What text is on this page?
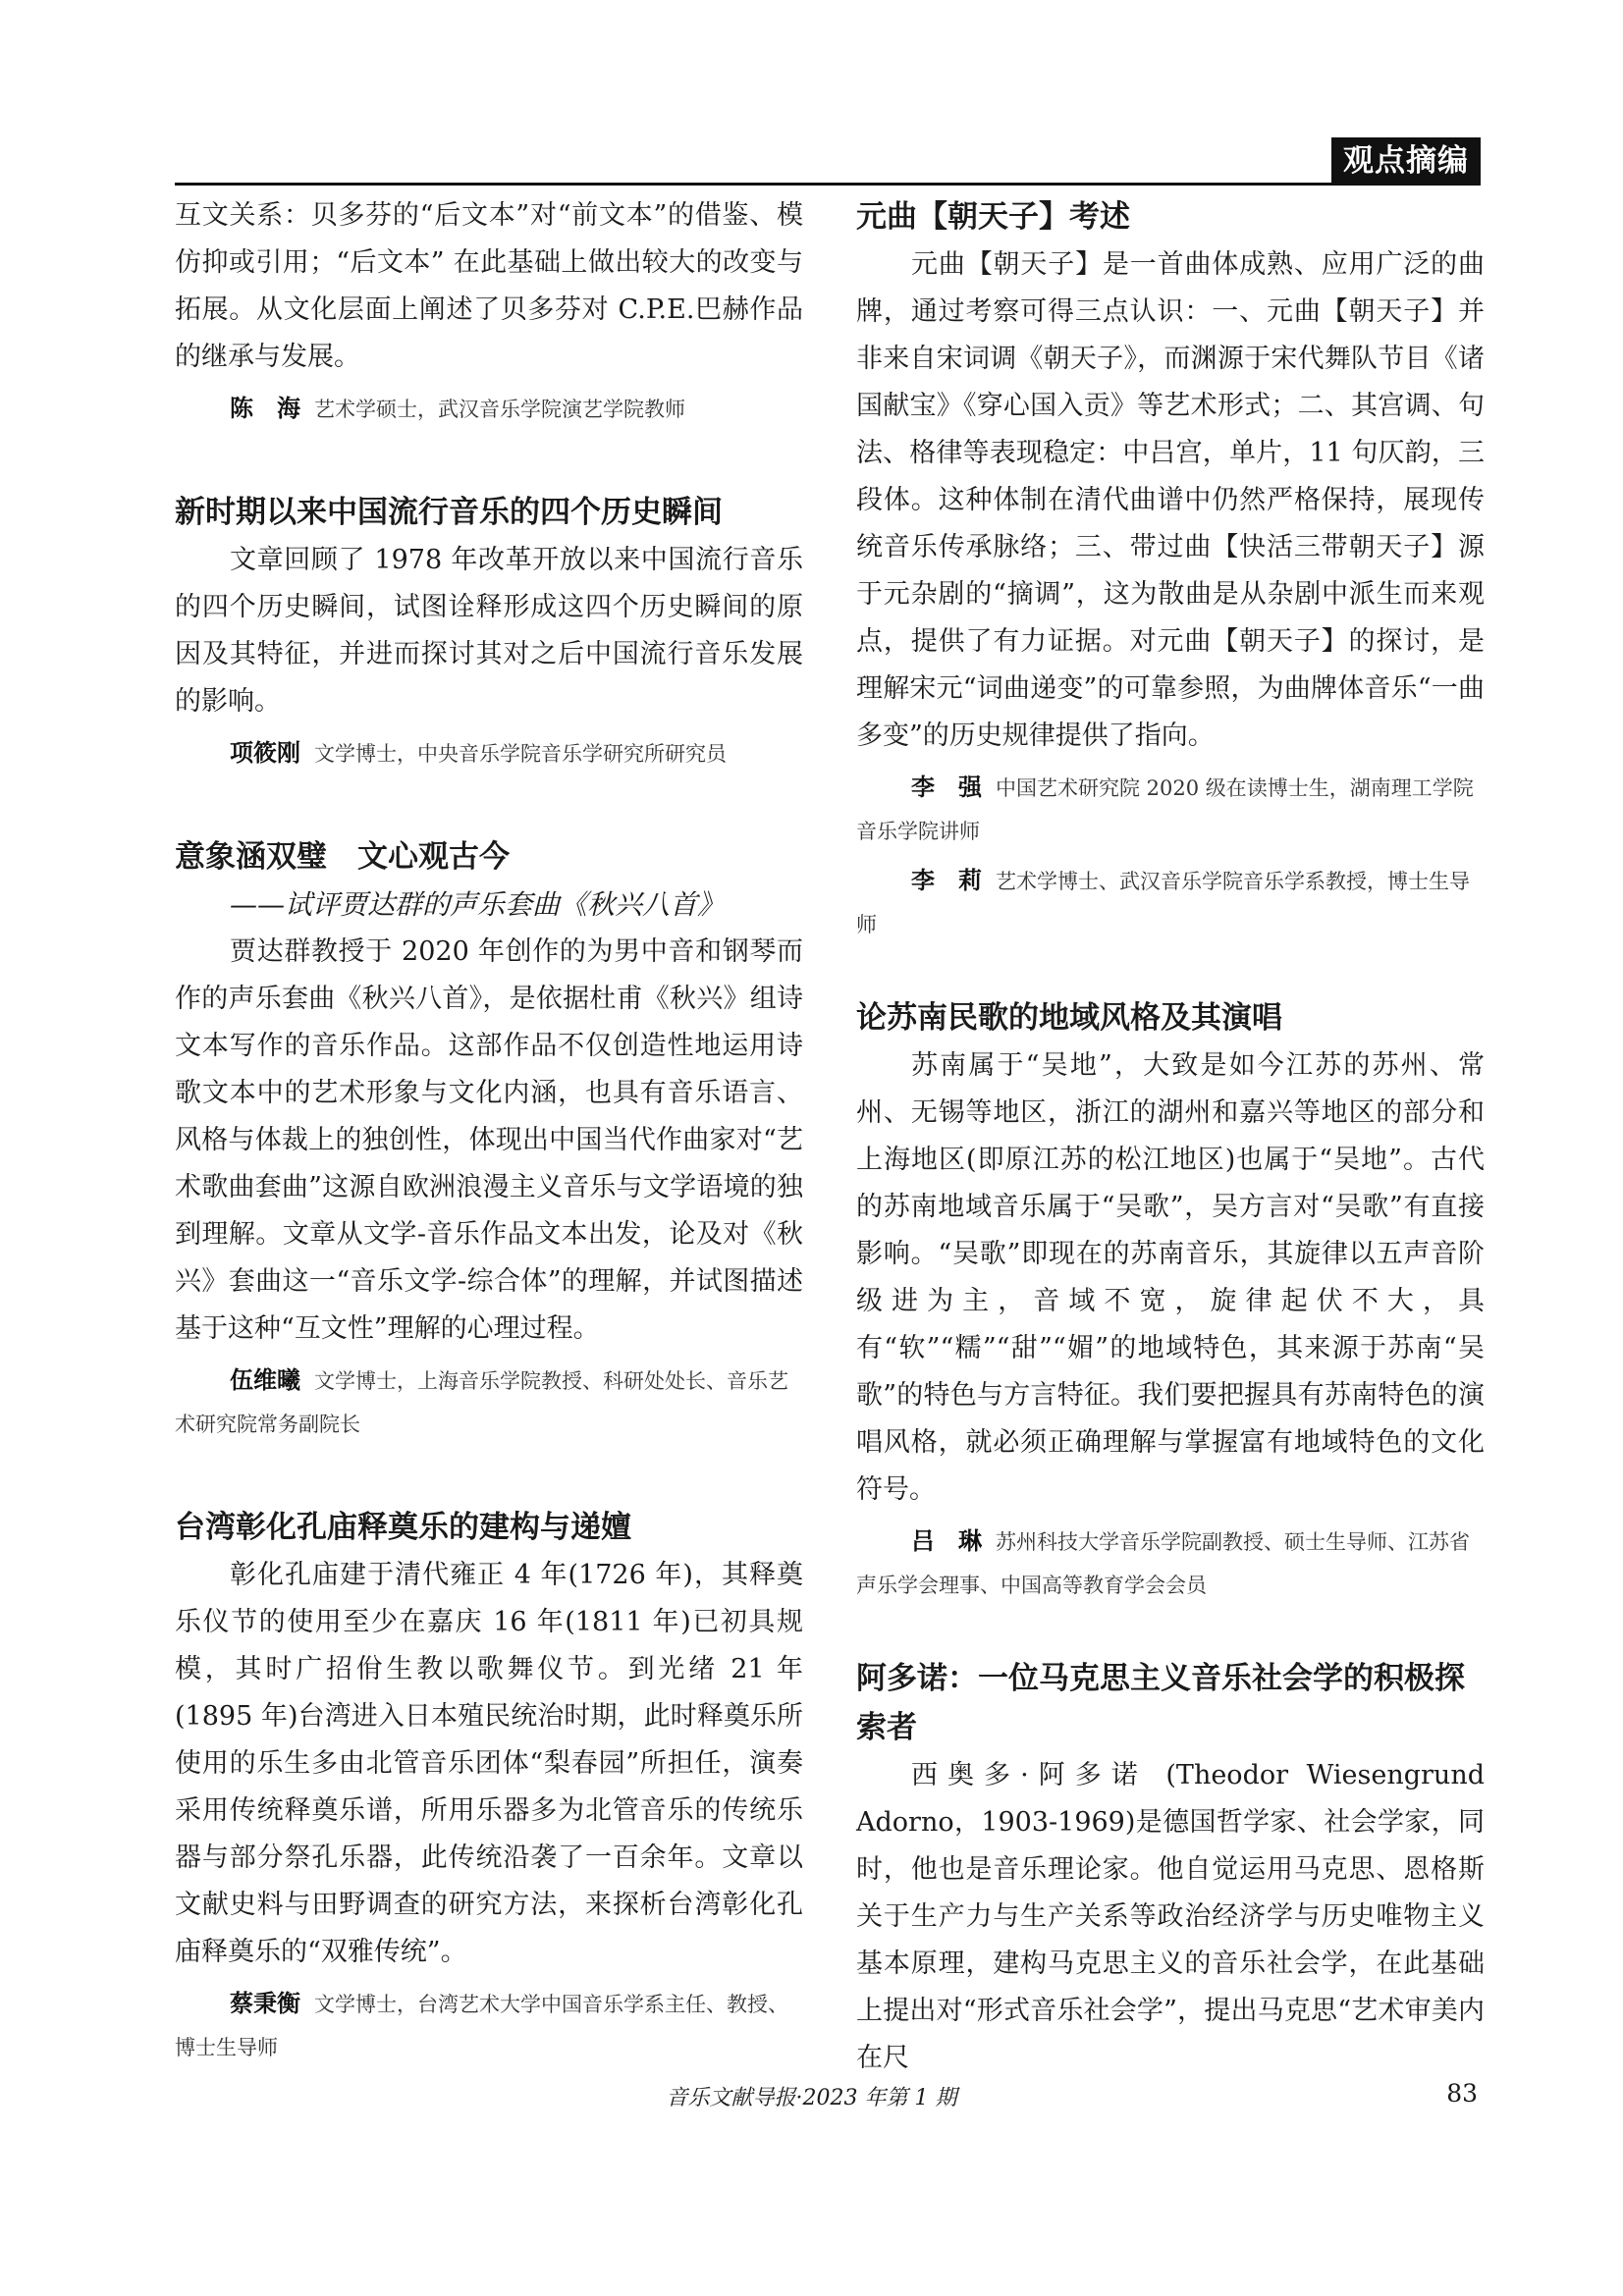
观点摘编

互文关系：贝多芬的“后文本”对“前文本”的借鉴、模仿抑或引用；“后文本” 在此基础上做出较大的改变与拓展。从文化层面上阐述了贝多芬对 C.P.E.巴赫作品的继承与发展。

陈　海 艺术学硕士，武汉音乐学院演艺学院教师
新时期以来中国流行音乐的四个历史瞬间

文章回顾了 1978 年改革开放以来中国流行音乐的四个历史瞬间，试图诠释形成这四个历史瞬间的原因及其特征，并进而探讨其对之后中国流行音乐发展的影响。

项筱刚 文学博士，中央音乐学院音乐学研究所研究员
意象涵双璧　文心观古今

——试评贾达群的声乐套曲《秋兴八首》

贾达群教授于 2020 年创作的为男中音和钢琴而作的声乐套曲《秋兴八首》，是依据杜甫《秋兴》组诗文本写作的音乐作品。这部作品不仅创造性地运用诗歌文本中的艺术形象与文化内涵，也具有音乐语言、风格与体裁上的独创性，体现出中国当代作曲家对“艺术歌曲套曲”这源自欧洲浪漫主义音乐与文学语境的独到理解。文章从文学-音乐作品文本出发，论及对《秋兴》套曲这一“音乐文学-综合体”的理解，并试图描述基于这种“互文性”理解的心理过程。

伍维曦 文学博士，上海音乐学院教授、科研处处长、音乐艺术研究院常务副院长
台湾彰化孔庙释奠乐的建构与递嬗

彰化孔庙建于清代雍正 4 年(1726 年)，其释奠乐仪节的使用至少在嘉庆 16 年(1811 年)已初具规模，其时广招佾生教以歌舞仪节。到光绪 21 年(1895 年)台湾进入日本殖民统治时期，此时释奠乐所使用的乐生多由北管音乐团体“梨春园”所担任，演奏采用传统释奠乐谱，所用乐器多为北管音乐的传统乐器与部分祭孔乐器，此传统沿袭了一百余年。文章以文献史料与田野调查的研究方法，来探析台湾彰化孔庙释奠乐的“双雅传统”。

蔡秉衡 文学博士，台湾艺术大学中国音乐学系主任、教授、博士生导师
元曲【朝天子】考述

元曲【朝天子】是一首曲体成熟、应用广泛的曲牌，通过考察可得三点认识：一、元曲【朝天子】并非来自宋词调《朝天子》，而渊源于宋代舞队节目《诸国献宝》《穿心国入贡》等艺术形式；二、其宫调、句法、格律等表现稳定：中吕宫，单片，11 句仄韵，三段体。这种体制在清代曲谱中仍然严格保持，展现传统音乐传承脉络；三、带过曲【快活三带朝天子】源于元杂剧的“摘调”，这为散曲是从杂剧中派生而来观点，提供了有力证据。对元曲【朝天子】的探讨，是理解宋元“词曲递变”的可靠参照，为曲牌体音乐“一曲多变”的历史规律提供了指向。

李　强 中国艺术研究院 2020 级在读博士生，湖南理工学院音乐学院讲师
李　莉 艺术学博士、武汉音乐学院音乐学系教授，博士生导师
论苏南民歌的地域风格及其演唱

苏南属于“吴地”，大致是如今江苏的苏州、常州、无锡等地区，浙江的湖州和嘉兴等地区的部分和上海地区(即原江苏的松江地区)也属于“吴地”。古代的苏南地域音乐属于“吴歌”，吴方言对“吴歌”有直接影响。“吴歌”即现在的苏南音乐，其旋律以五声音阶级进为主，音域不宽，旋律起伏不大，具有“软”“糯”“甜”“媚”的地域特色，其来源于苏南“吴歌”的特色与方言特征。我们要把握具有苏南特色的演唱风格，就必须正确理解与掌握富有地域特色的文化符号。

吕　琳 苏州科技大学音乐学院副教授、硕士生导师、江苏省声乐学会理事、中国高等教育学会会员
阿多诺：一位马克思主义音乐社会学的积极探索者

西奥多·阿多诺 (Theodor Wiesengrund Adorno，1903-1969)是德国哲学家、社会学家，同时，他也是音乐理论家。他自觉运用马克思、恩格斯关于生产力与生产关系等政治经济学与历史唯物主义基本原理，建构马克思主义的音乐社会学，在此基础上提出对“形式音乐社会学”，提出马克思“艺术审美内在尺

音乐文献导报·2023 年第 1 期	83
